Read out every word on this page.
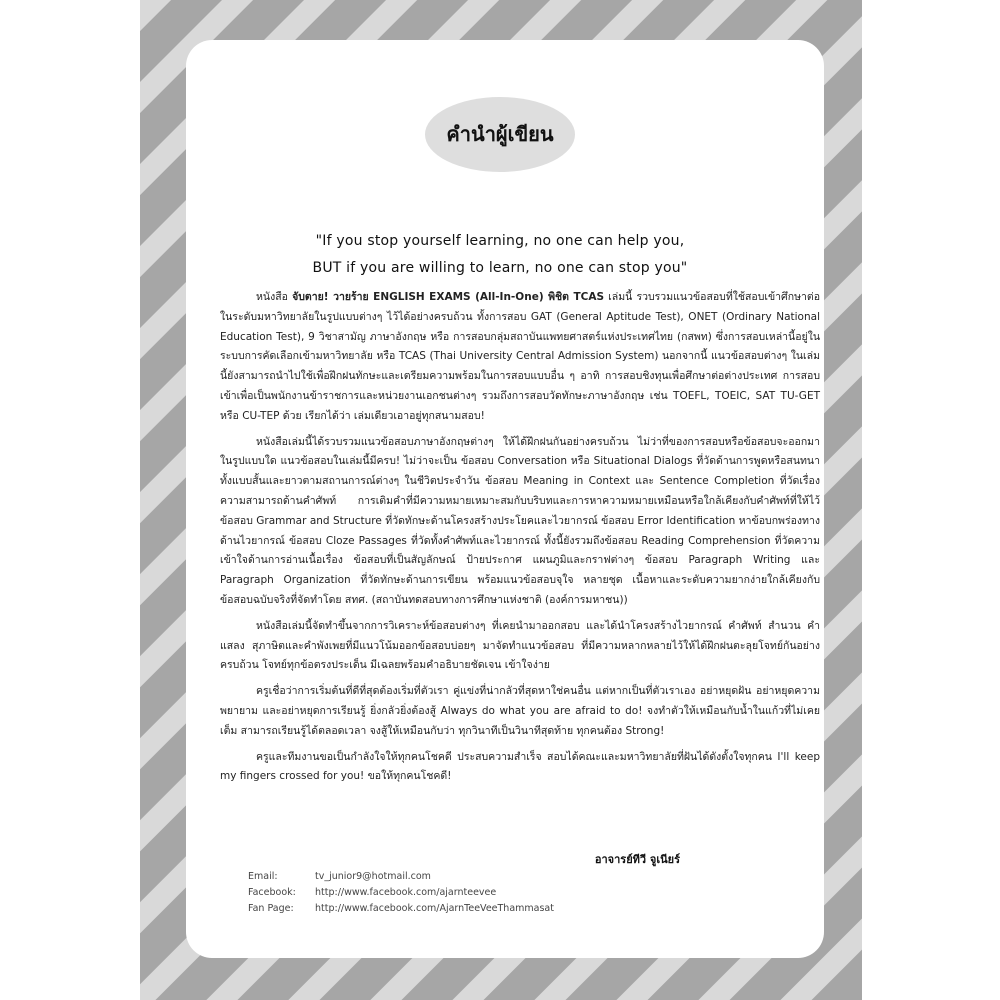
คำนำผู้เขียน
"If you stop yourself learning, no one can help you,
BUT if you are willing to learn, no one can stop you"

หนังสือ จับตาย! วายร้าย ENGLISH EXAMS (All-In-One) พิชิต TCAS เล่มนี้ รวบรวมแนวข้อสอบที่ใช้สอบเข้าศึกษาต่อในระดับมหาวิทยาลัยในรูปแบบต่างๆ ไว้ได้อย่างครบถ้วน ทั้งการสอบ GAT (General Aptitude Test), ONET (Ordinary National Education Test), 9 วิชาสามัญ ภาษาอังกฤษ หรือ การสอบกลุ่มสถาบันแพทยศาสตร์แห่งประเทศไทย (กสพท) ซึ่งการสอบเหล่านี้อยู่ในระบบการคัดเลือกเข้ามหาวิทยาลัย หรือ TCAS (Thai University Central Admission System) นอกจากนี้ แนวข้อสอบต่างๆ ในเล่มนี้ยังสามารถนำไปใช้เพื่อฝึกฝนทักษะและเตรียมความพร้อมในการสอบแบบอื่น ๆ อาทิ การสอบชิงทุนเพื่อศึกษาต่อต่างประเทศ การสอบเข้าเพื่อเป็นพนักงานข้าราชการและหน่วยงานเอกชนต่างๆ รวมถึงการสอบวัดทักษะภาษาอังกฤษ เช่น TOEFL, TOEIC, SAT TU-GET หรือ CU-TEP ด้วย เรียกได้ว่า เล่มเดียวเอาอยู่ทุกสนามสอบ!

หนังสือเล่มนี้ได้รวบรวมแนวข้อสอบภาษาอังกฤษต่างๆ ให้ได้ฝึกฝนกันอย่างครบถ้วน ไม่ว่าที่ของการสอบหรือข้อสอบจะออกมาในรูปแบบใด แนวข้อสอบในเล่มนี้มีครบ! ไม่ว่าจะเป็น ข้อสอบ Conversation หรือ Situational Dialogs ที่วัดด้านการพูดหรือสนทนาทั้งแบบสั้นและยาวตามสถานการณ์ต่างๆ ในชีวิตประจำวัน ข้อสอบ Meaning in Context และ Sentence Completion ที่วัดเรื่องความสามารถด้านคำศัพท์ การเติมคำที่มีความหมายเหมาะสมกับบริบทและการหาความหมายเหมือนหรือใกล้เคียงกับคำศัพท์ที่ให้ไว้ ข้อสอบ Grammar and Structure ที่วัดทักษะด้านโครงสร้างประโยคและไวยากรณ์ ข้อสอบ Error Identification หาข้อบกพร่องทางด้านไวยากรณ์ ข้อสอบ Cloze Passages ที่วัดทั้งคำศัพท์และไวยากรณ์ ทั้งนี้ยังรวมถึงข้อสอบ Reading Comprehension ที่วัดความเข้าใจด้านการอ่านเนื้อเรื่อง ข้อสอบที่เป็นสัญลักษณ์ ป้ายประกาศ แผนภูมิและกราฟต่างๆ ข้อสอบ Paragraph Writing และ Paragraph Organization ที่วัดทักษะด้านการเขียน พร้อมแนวข้อสอบจุใจ หลายชุด เนื้อหาและระดับความยากง่ายใกล้เคียงกับข้อสอบฉบับจริงที่จัดทำโดย สทศ. (สถาบันทดสอบทางการศึกษาแห่งชาติ (องค์การมหาชน))

หนังสือเล่มนี้จัดทำขึ้นจากการวิเคราะห์ข้อสอบต่างๆ ที่เคยนำมาออกสอบ และได้นำโครงสร้างไวยากรณ์ คำศัพท์ สำนวน คำแสลง สุภาษิตและคำพังเพยที่มีแนวโน้มออกข้อสอบบ่อยๆ มาจัดทำแนวข้อสอบ ที่มีความหลากหลายไว้ให้ได้ฝึกฝนตะลุยโจทย์กันอย่างครบถ้วน โจทย์ทุกข้อตรงประเด็น มีเฉลยพร้อมคำอธิบายชัดเจน เข้าใจง่าย

ครูเชื่อว่าการเริ่มต้นที่ดีที่สุดต้องเริ่มที่ตัวเรา คู่แข่งที่น่ากลัวที่สุดหาใช่คนอื่น แต่หากเป็นที่ตัวเราเอง อย่าหยุดฝัน อย่าหยุดความพยายาม และอย่าหยุดการเรียนรู้ ยิ่งกลัวยิ่งต้องสู้ Always do what you are afraid to do! จงทำตัวให้เหมือนกับน้ำในแก้วที่ไม่เคยเต็ม สามารถเรียนรู้ได้ตลอดเวลา จงสู้ให้เหมือนกับว่า ทุกวินาทีเป็นวินาทีสุดท้าย ทุกคนต้อง Strong!

ครูและทีมงานขอเป็นกำลังใจให้ทุกคนโชคดี ประสบความสำเร็จ สอบได้คณะและมหาวิทยาลัยที่ฝันได้ดังตั้งใจทุกคน I'll keep my fingers crossed for you! ขอให้ทุกคนโชคดี!

อาจารย์ทีวี จูเนียร์
Email:	tv_junior9@hotmail.com
Facebook:	http://www.facebook.com/ajarnteevee
Fan Page:	http://www.facebook.com/AjarnTeeVeeThammasat
